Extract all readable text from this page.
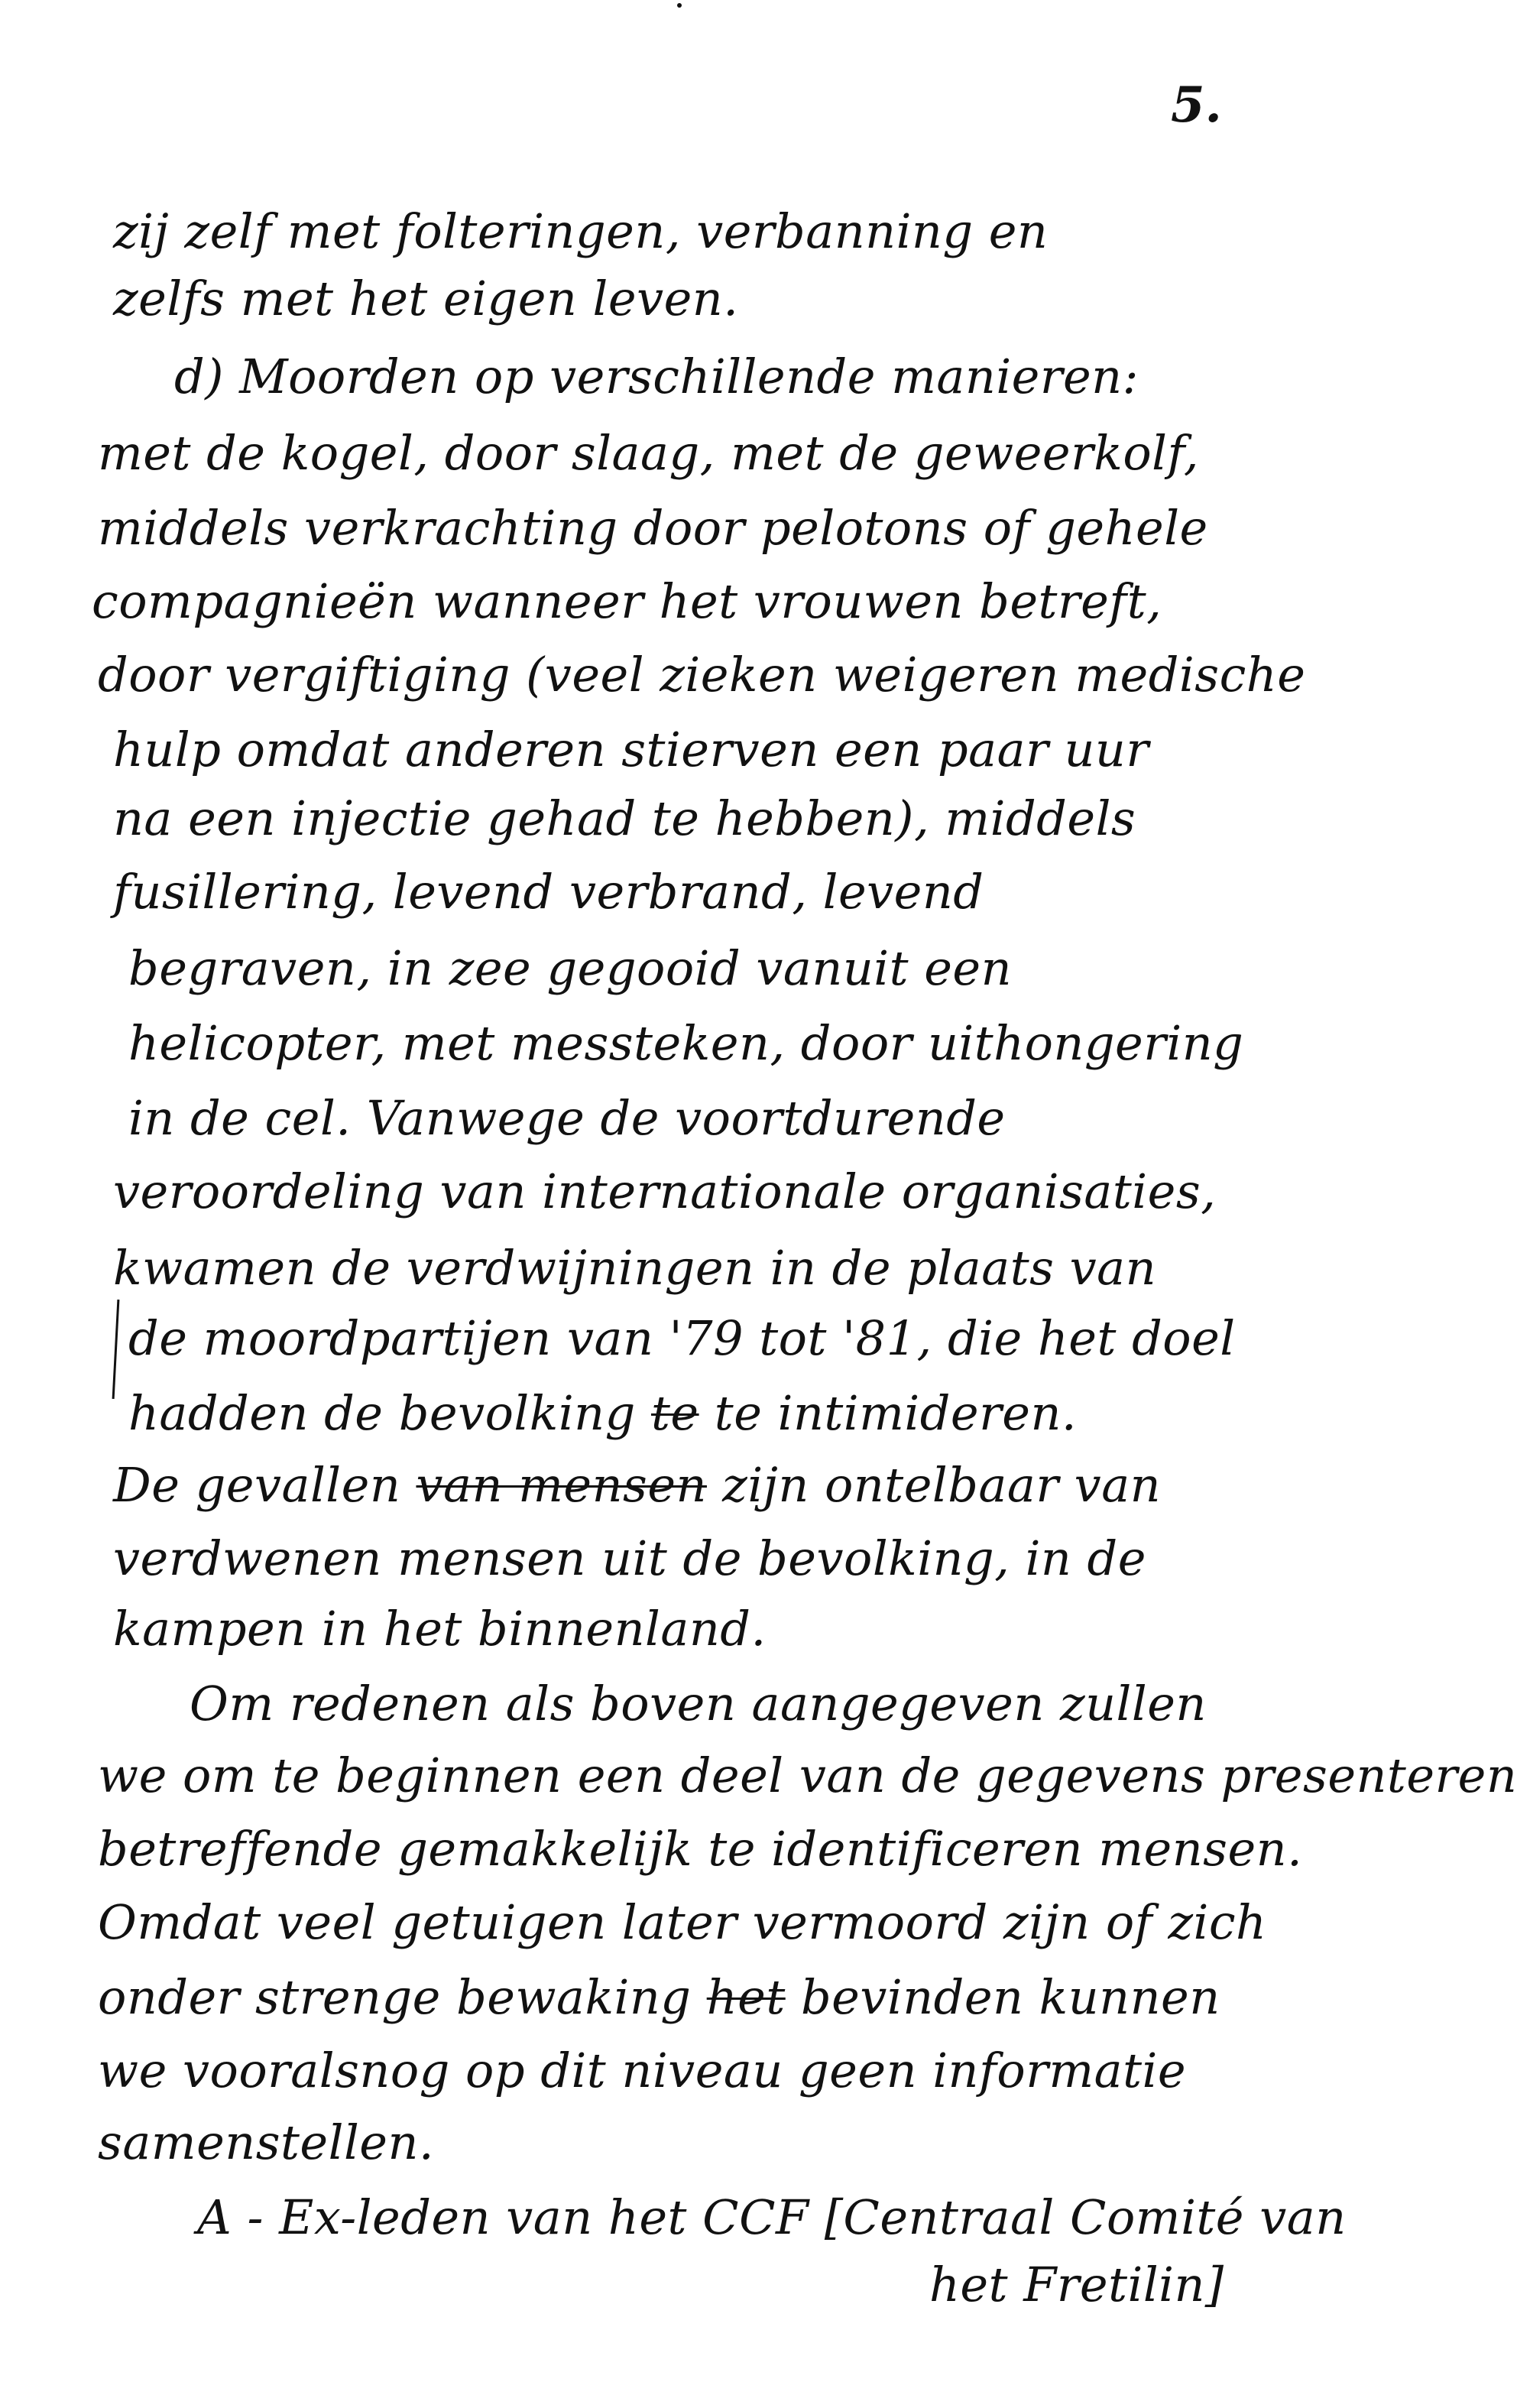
5.
zij zelf met folteringen, verbanning en
zelfs met het eigen leven.
d) Moorden op verschillende manieren:
met de kogel, door slaag, met de geweerkolf,
middels verkrachting door pelotons of gehele
compagnieën wanneer het vrouwen betreft,
door vergiftiging (veel zieken weigeren medische
hulp omdat anderen stierven een paar uur
na een injectie gehad te hebben), middels
fusillering, levend verbrand, levend
begraven, in zee gegooid vanuit een
helicopter, met messteken, door uithongering
in de cel. Vanwege de voortdurende
veroordeling van internationale organisaties,
kwamen de verdwijningen in de plaats van
de moordpartijen van '79 tot '81, die het doel
hadden de bevolking te te intimideren.
De gevallen van mensen zijn ontelbaar van
verdwenen mensen uit de bevolking, in de
kampen in het binnenland.
Om redenen als boven aangegeven zullen
we om te beginnen een deel van de gegevens presenteren
betreffende gemakkelijk te identificeren mensen.
Omdat veel getuigen later vermoord zijn of zich
onder strenge bewaking het bevinden kunnen
we vooralsnog op dit niveau geen informatie
samenstellen.
A - Ex-leden van het CCF [Centraal Comité van
het Fretilin]
